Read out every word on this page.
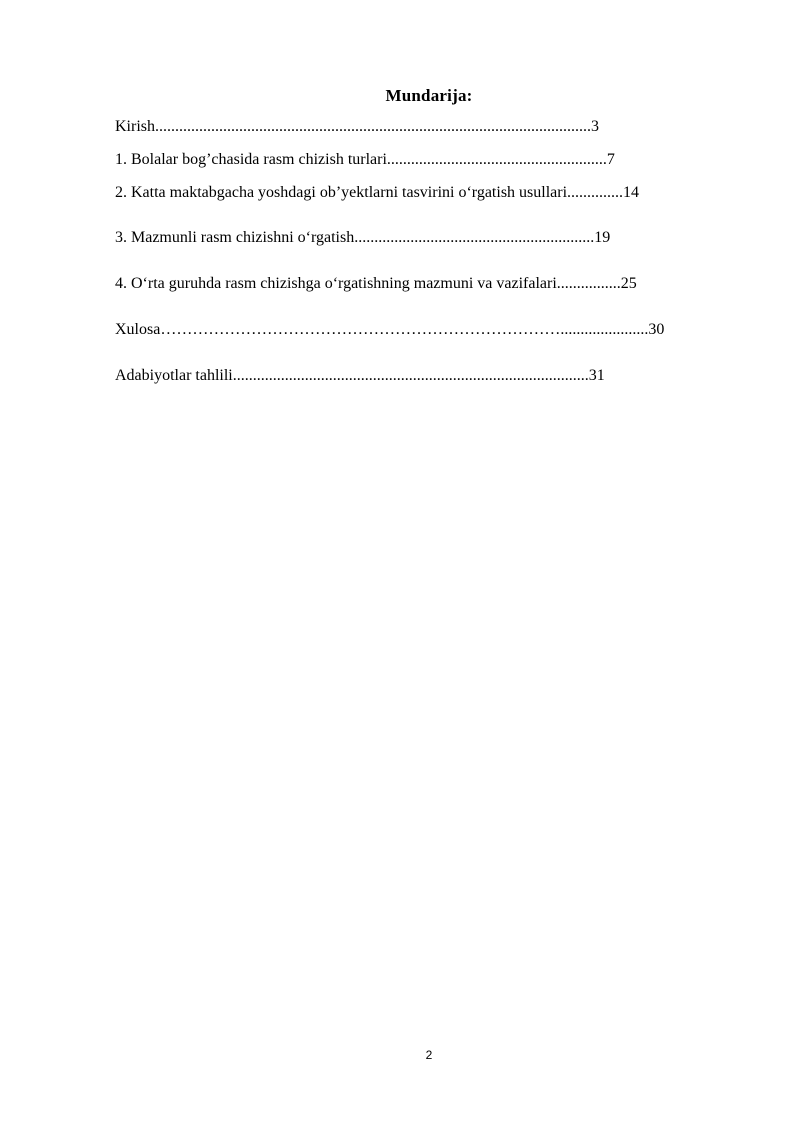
Mundarija:
Kirish.............................................................................................................3
1. Bolalar bog’chasida rasm chizish turlari.......................................................7
2. Katta maktabgacha yoshdagi ob’yektlarni tasvirini o‘rgatish usullari..............14
3. Mazmunli rasm chizishni o‘rgatish............................................................19
4. O‘rta guruhda rasm chizishga o‘rgatishning mazmuni va vazifalari................25
Xulosa…………………………………………………………………......................30
Adabiyotlar tahlili.........................................................................................31
2
